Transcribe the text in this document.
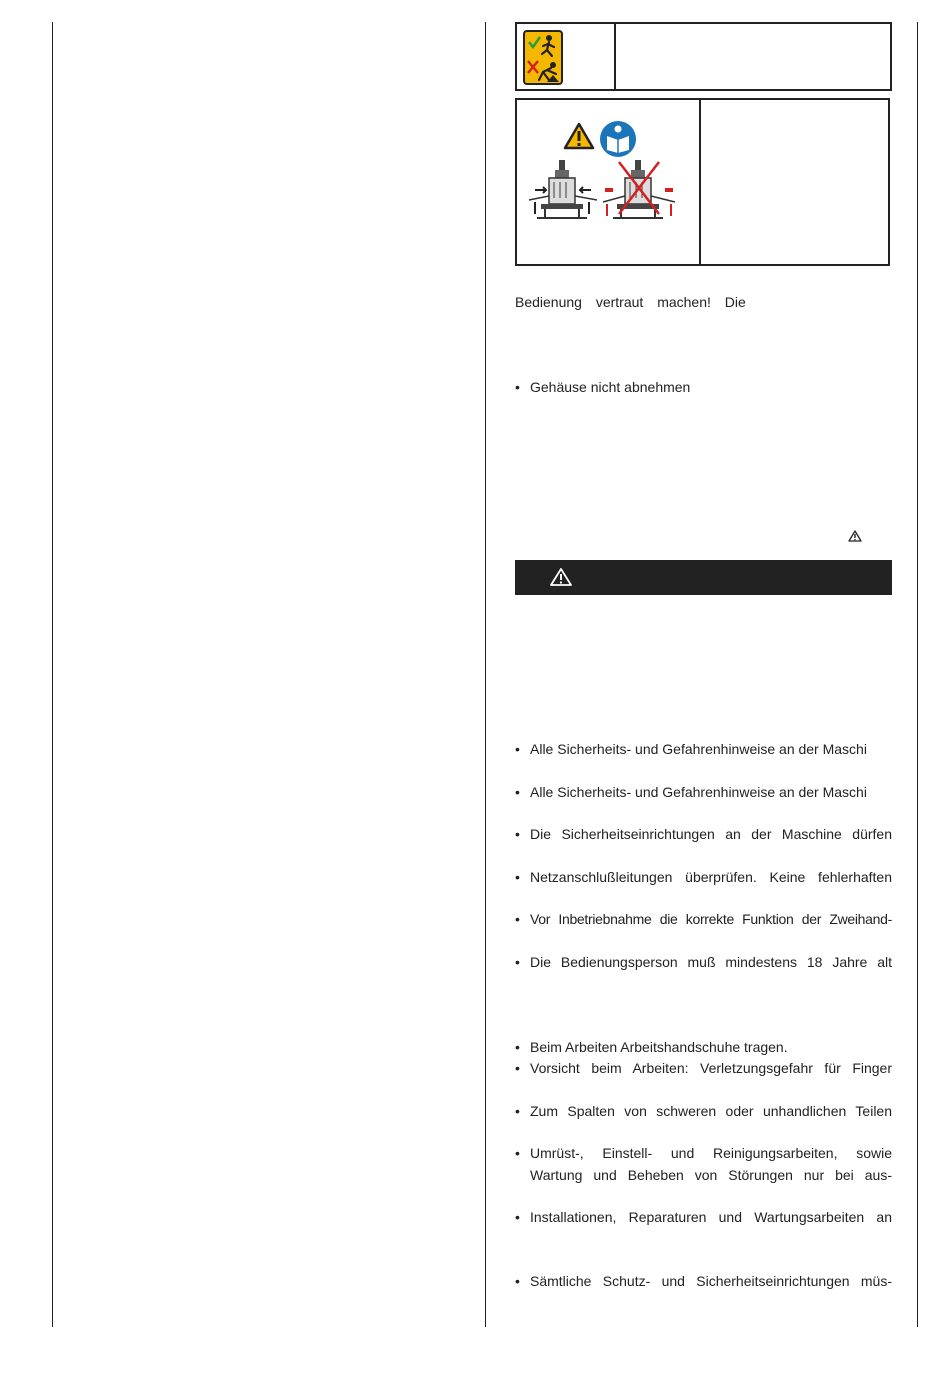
Bedienung vertraut machen! Die
• Gehäuse nicht abnehmen
• Alle Sicherheits- und Gefahrenhinweise an der Maschi
• Alle Sicherheits- und Gefahrenhinweise an der Maschi
• Die Sicherheitseinrichtungen an der Maschine dürfen
• Netzanschlußleitungen überprüfen. Keine fehlerhaften
• Vor Inbetriebnahme die korrekte Funktion der Zweihand-
• Die Bedienungsperson muß mindestens 18 Jahre alt
• Beim Arbeiten Arbeitshandschuhe tragen.
• Vorsicht beim Arbeiten: Verletzungsgefahr für Finger
• Zum Spalten von schweren oder unhandlichen Teilen
• Umrüst-, Einstell- und Reinigungsarbeiten, sowie
Wartung und Beheben von Störungen nur bei aus-
• Installationen, Reparaturen und Wartungsarbeiten an
• Sämtliche Schutz- und Sicherheitseinrichtungen müs-
